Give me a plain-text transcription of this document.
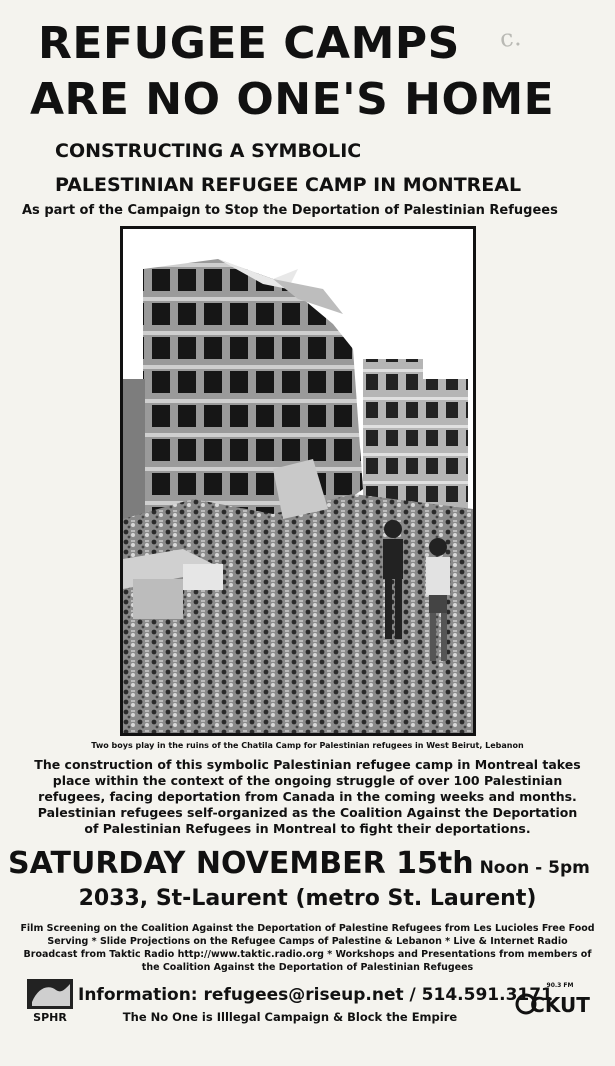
c.
REFUGEE CAMPS
ARE NO ONE'S HOME
CONSTRUCTING A SYMBOLIC
PALESTINIAN REFUGEE CAMP IN MONTREAL
As part of the Campaign to Stop the Deportation of Palestinian Refugees
Two boys play in the ruins of the Chatila Camp for Palestinian refugees in West Beirut, Lebanon
The construction of this symbolic Palestinian refugee camp in Montreal takes place within the context of the ongoing struggle of over 100 Palestinian refugees, facing deportation from Canada in the coming weeks and months. Palestinian refugees self-organized as the Coalition Against the Deportation of Palestinian Refugees in Montreal to fight their deportations.
SATURDAY NOVEMBER 15th Noon - 5pm
2033, St-Laurent (metro St. Laurent)
Film Screening on the Coalition Against the Deportation of Palestine Refugees from Les Lucioles Free Food Serving * Slide Projections on the Refugee Camps of Palestine & Lebanon * Live & Internet Radio Broadcast from Taktic Radio http://www.taktic.radio.org * Workshops and Presentations from members of the Coalition Against the Deportation of Palestinian Refugees
SPHR
Information: refugees@riseup.net / 514.591.3171
The No One is Illlegal Campaign & Block the Empire
90.3 FM
CKUT
